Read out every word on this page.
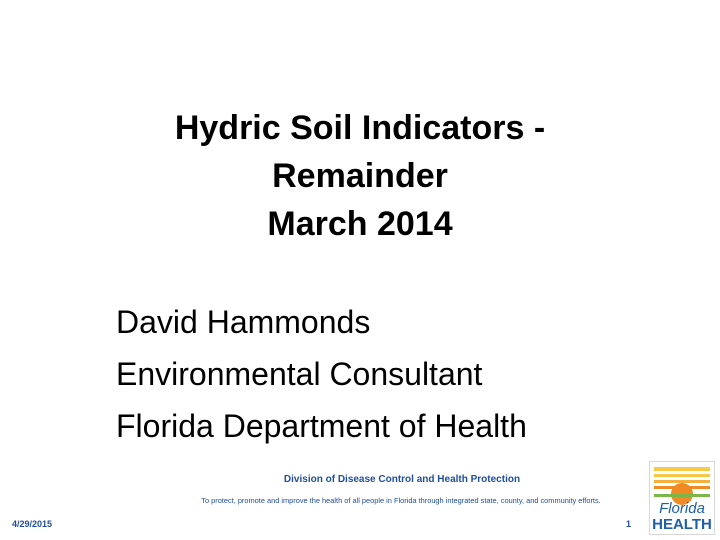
Hydric Soil Indicators -
Remainder
March 2014
David Hammonds
Environmental Consultant
Florida Department of Health
Division of Disease Control and Health Protection
To protect, promote and improve the health of all people in Florida through integrated state, county, and community efforts.
4/29/2015	1
Florida
HEALTH
